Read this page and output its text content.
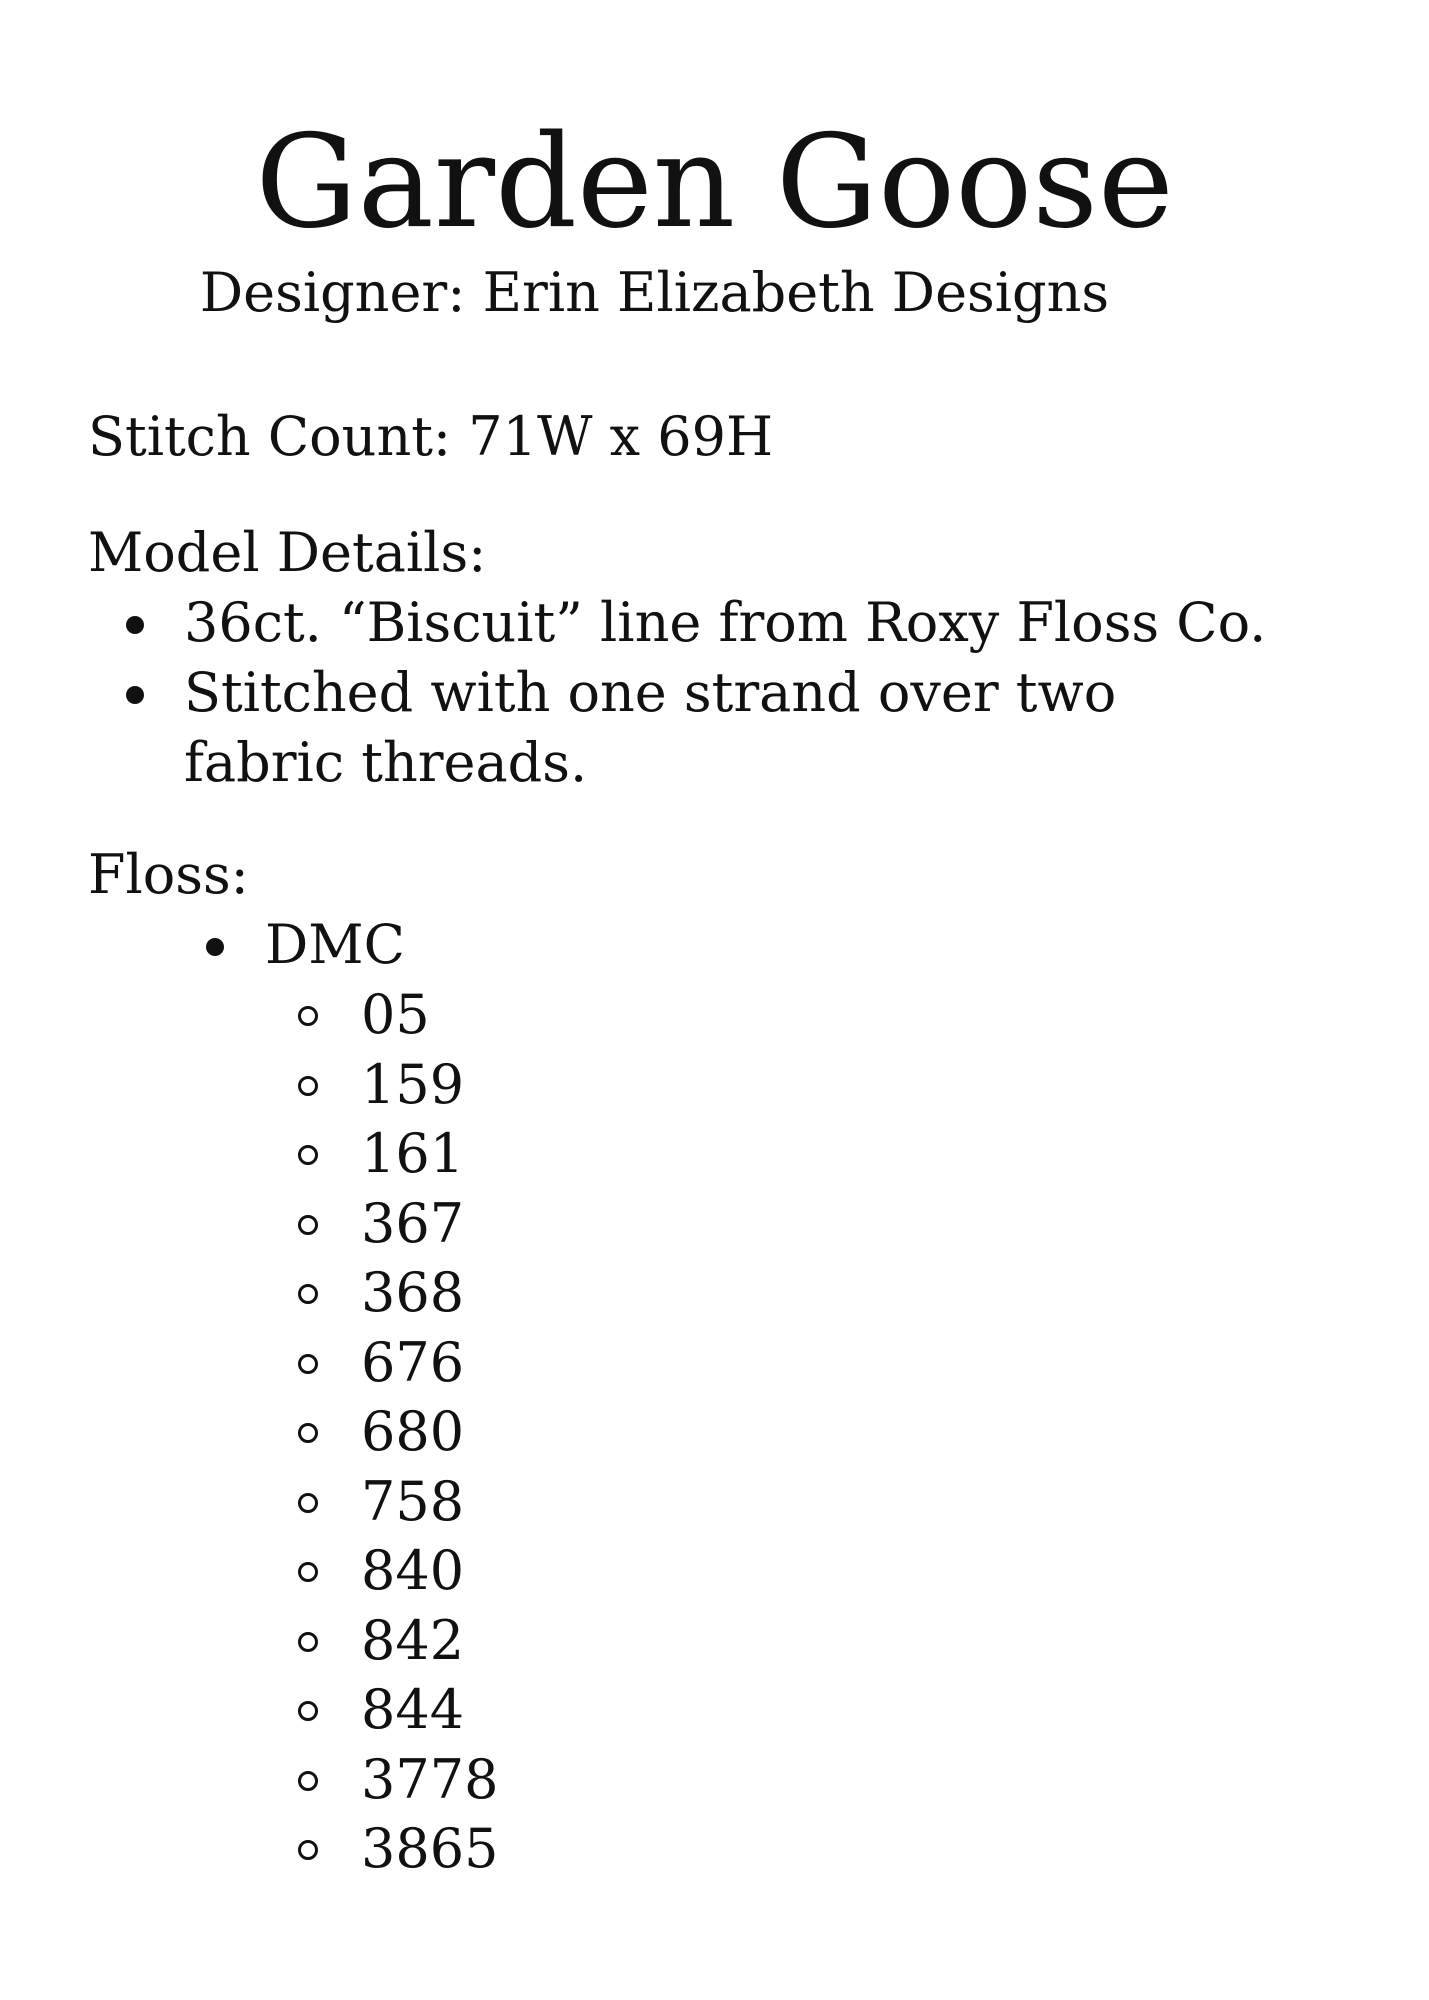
Garden Goose

Designer: Erin Elizabeth Designs

Stitch Count: 71W x 69H

Model Details:

36ct. “Biscuit” line from Roxy Floss Co.
Stitched with one strand over two fabric threads.

Floss:

DMC
05
159
161
367
368
676
680
758
840
842
844
3778
3865
